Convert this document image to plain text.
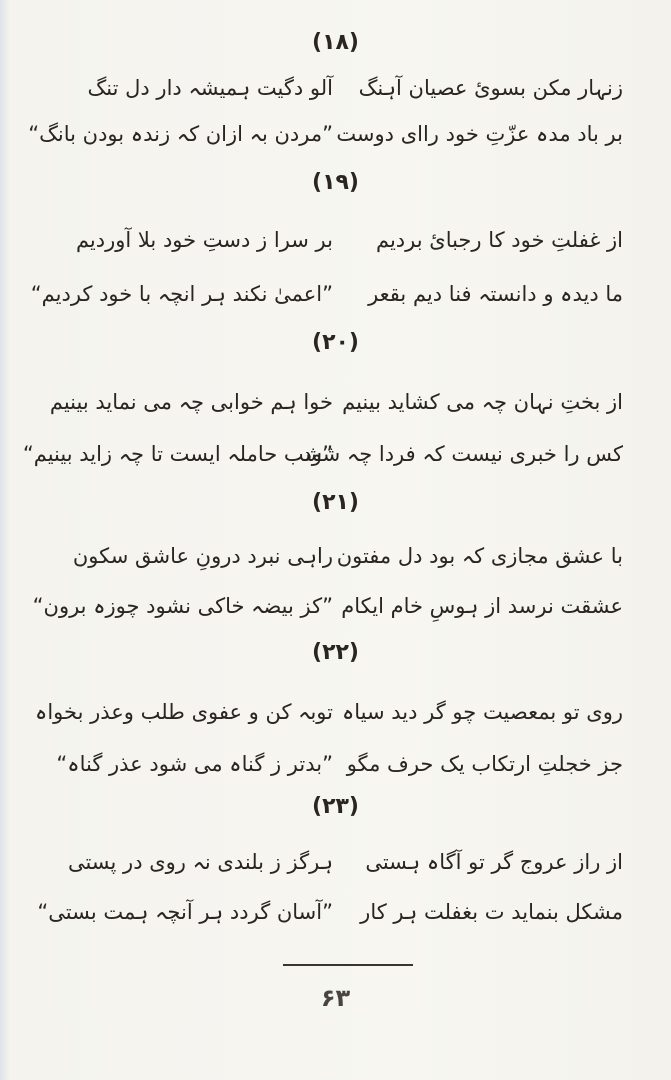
(۱۸)
زنہار مکن بسوئ عصیان آہنگ
آلو دگیت ہمیشہ دار دل تنگ
بر باد مدہ عزّتِ خود رااى دوست
”مردن بہ ازان کہ زندہ بودن بانگ“
(۱۹)
از غفلتِ خود کا رجبائ بردیم
بر سرا ز دستِ خود بلا آوردیم
ما دیدہ و دانستہ فنا دیم بقعر
”اعمیٰ نکند ہر انچہ با خود کردیم“
(۲۰)
از بختِ نہان چہ می کشاید بینیم
خوا ہم خوابی چہ می نماید بینیم
کس را خبری نیست کہ فردا چہ شود
”شب حاملہ ایست تا چہ زاید بینیم“
(۲۱)
با عشق مجازی کہ بود دل مفتون
راہی نبرد درونِ عاشق سکون
عشقت نرسد از ہوسِ خام ایکام
”کز بیضہ خاکی نشود چوزہ برون“
(۲۲)
روی تو بمعصیت چو گر دید سیاہ
توبہ کن و عفوی طلب وعذر بخواہ
جز خجلتِ ارتکاب یک حرف مگو
”بدتر ز گناہ می شود عذر گناہ“
(۲۳)
از راز عروج گر تو آگاہ ہستی
ہرگز ز بلندی نہ روی در پستی
مشکل بنماید ت بغفلت ہر کار
”آسان گردد ہر آنچہ ہمت بستی“
۶۳
